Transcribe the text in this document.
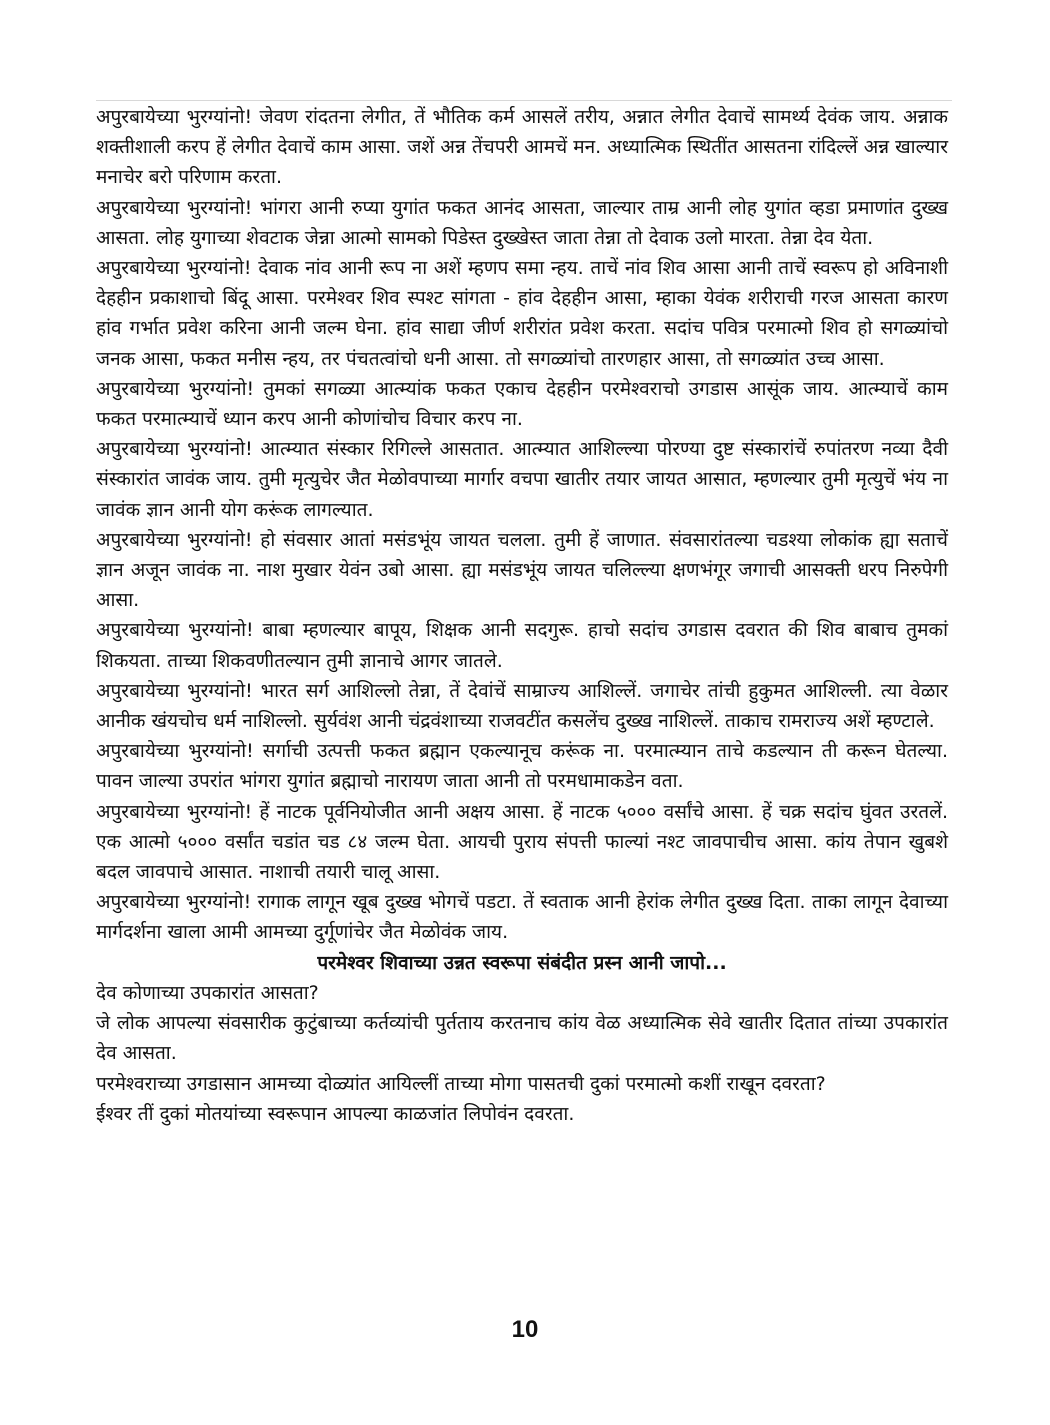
अपुरबायेच्या भुरग्यांनो! जेवण रांदतना लेगीत, तें भौतिक कर्म आसलें तरीय, अन्नात लेगीत देवाचें सामर्थ्य देवंक जाय. अन्नाक शक्तीशाली करप हें लेगीत देवाचें काम आसा. जशें अन्न तेंचपरी आमचें मन. अध्यात्मिक स्थितींत आसतना रांदिल्लें अन्न खाल्यार मनाचेर बरो परिणाम करता.

अपुरबायेच्या भुरग्यांनो! भांगरा आनी रुप्या युगांत फकत आनंद आसता, जाल्यार ताम्र आनी लोह युगांत व्हडा प्रमाणांत दुख्ख आसता. लोह युगाच्या शेवटाक जेन्ना आत्मो सामको पिडेस्त दुख्खेस्त जाता तेन्ना तो देवाक उलो मारता. तेन्ना देव येता.

अपुरबायेच्या भुरग्यांनो! देवाक नांव आनी रूप ना अशें म्हणप समा न्हय. ताचें नांव शिव आसा आनी ताचें स्वरूप हो अविनाशी देहहीन प्रकाशाचो बिंदू आसा. परमेश्वर शिव स्पश्ट सांगता - हांव देहहीन आसा, म्हाका येवंक शरीराची गरज आसता कारण हांव गर्भात प्रवेश करिना आनी जल्म घेना. हांव साद्या जीर्ण शरीरांत प्रवेश करता. सदांच पवित्र परमात्मो शिव हो सगळ्यांचो जनक आसा, फकत मनीस न्हय, तर पंचतत्वांचो धनी आसा. तो सगळ्यांचो तारणहार आसा, तो सगळ्यांत उच्च आसा.

अपुरबायेच्या भुरग्यांनो! तुमकां सगळ्या आत्म्यांक फकत एकाच देहहीन परमेश्वराचो उगडास आसूंक जाय. आत्म्याचें काम फकत परमात्म्याचें ध्यान करप आनी कोणांचोच विचार करप ना.

अपुरबायेच्या भुरग्यांनो! आत्म्यात संस्कार रिगिल्ले आसतात. आत्म्यात आशिल्ल्या पोरण्या दुष्ट संस्कारांचें रुपांतरण नव्या दैवी संस्कारांत जावंक जाय. तुमी मृत्युचेर जैत मेळोवपाच्या मार्गार वचपा खातीर तयार जायत आसात, म्हणल्यार तुमी मृत्युचें भंय ना जावंक ज्ञान आनी योग करूंक लागल्यात.

अपुरबायेच्या भुरग्यांनो! हो संवसार आतां मसंडभूंय जायत चलला. तुमी हें जाणात. संवसारांतल्या चडश्या लोकांक ह्या सताचें ज्ञान अजून जावंक ना. नाश मुखार येवंन उबो आसा. ह्या मसंडभूंय जायत चलिल्ल्या क्षणभंगूर जगाची आसक्ती धरप निरुपेगी आसा.

अपुरबायेच्या भुरग्यांनो! बाबा म्हणल्यार बापूय, शिक्षक आनी सदगुरू. हाचो सदांच उगडास दवरात की शिव बाबाच तुमकां शिकयता. ताच्या शिकवणीतल्यान तुमी ज्ञानाचे आगर जातले.

अपुरबायेच्या भुरग्यांनो! भारत सर्ग आशिल्लो तेन्ना, तें देवांचें साम्राज्य आशिल्लें. जगाचेर तांची हुकुमत आशिल्ली. त्या वेळार आनीक खंयचोच धर्म नाशिल्लो. सुर्यवंश आनी चंद्रवंशाच्या राजवटींत कसलेंच दुख्ख नाशिल्लें. ताकाच रामराज्य अशें म्हण्टाले.

अपुरबायेच्या भुरग्यांनो! सर्गाची उत्पत्ती फकत ब्रह्मान एकल्यानूच करूंक ना. परमात्म्यान ताचे कडल्यान ती करून घेतल्या. पावन जाल्या उपरांत भांगरा युगांत ब्रह्माचो नारायण जाता आनी तो परमधामाकडेन वता.

अपुरबायेच्या भुरग्यांनो! हें नाटक पूर्वनियोजीत आनी अक्षय आसा. हें नाटक ५००० वर्सांचे आसा. हें चक्र सदांच घुंवत उरतलें. एक आत्मो ५००० वर्सांत चडांत चड ८४ जल्म घेता. आयची पुराय संपत्ती फाल्यां नश्ट जावपाचीच आसा. कांय तेपान खुबशे बदल जावपाचे आसात. नाशाची तयारी चालू आसा.

अपुरबायेच्या भुरग्यांनो! रागाक लागून खूब दुख्ख भोगचें पडटा. तें स्वताक आनी हेरांक लेगीत दुख्ख दिता. ताका लागून देवाच्या मार्गदर्शना खाला आमी आमच्या दुर्गूणांचेर जैत मेळोवंक जाय.

परमेश्वर शिवाच्या उन्नत स्वरूपा संबंदीत प्रस्न आनी जापो...

देव कोणाच्या उपकारांत आसता?

जे लोक आपल्या संवसारीक कुटुंबाच्या कर्तव्यांची पुर्तताय करतनाच कांय वेळ अध्यात्मिक सेवे खातीर दितात तांच्या उपकारांत देव आसता.

परमेश्वराच्या उगडासान आमच्या दोळ्यांत आयिल्लीं ताच्या मोगा पासतची दुकां परमात्मो कशीं राखून दवरता?

ईश्वर तीं दुकां मोतयांच्या स्वरूपान आपल्या काळजांत लिपोवंन दवरता.

10
